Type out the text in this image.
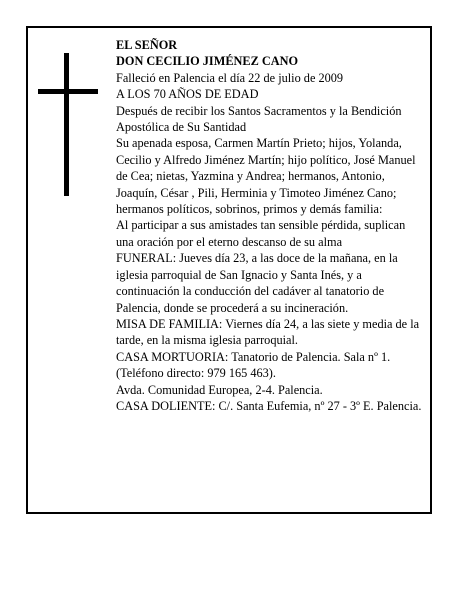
EL SEÑOR

DON CECILIO JIMÉNEZ CANO

Falleció en Palencia el día 22 de julio de 2009

A LOS 70 AÑOS DE EDAD

Después de recibir los Santos Sacramentos y la Bendición Apostólica de Su Santidad

Su apenada esposa, Carmen Martín Prieto; hijos, Yolanda, Cecilio y Alfredo Jiménez Martín; hijo político, José Manuel de Cea; nietas, Yazmina y Andrea; hermanos, Antonio, Joaquín, César , Pili, Herminia y Timoteo Jiménez Cano; hermanos políticos, sobrinos, primos y demás familia:

Al participar a sus amistades tan sensible pérdida, suplican una oración por el eterno descanso de su alma

FUNERAL: Jueves día 23, a las doce de la mañana, en la iglesia parroquial de San Ignacio y Santa Inés, y a continuación la conducción del cadáver al tanatorio de Palencia, donde se procederá a su incineración.

MISA DE FAMILIA: Viernes día 24, a las siete y media de la tarde, en la misma iglesia parroquial.

CASA MORTUORIA: Tanatorio de Palencia. Sala nº 1. (Teléfono directo: 979 165 463).

Avda. Comunidad Europea, 2-4. Palencia.

CASA DOLIENTE: C/. Santa Eufemia, nº 27 - 3º E. Palencia.
